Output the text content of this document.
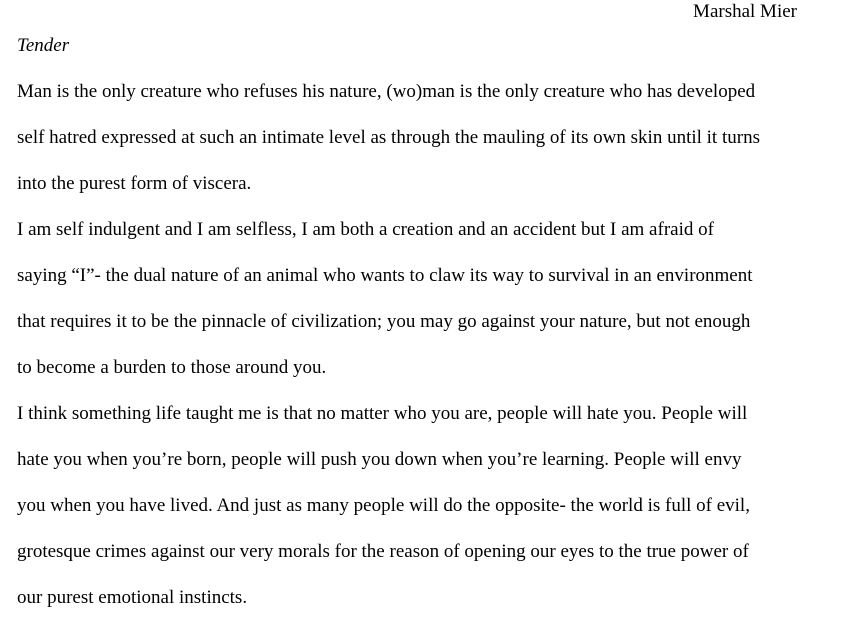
Marshal Mier
Tender
Man is the only creature who refuses his nature, (wo)man is the only creature who has developed
self hatred expressed at such an intimate level as through the mauling of its own skin until it turns
into the purest form of viscera.
I am self indulgent and I am selfless, I am both a creation and an accident but I am afraid of
saying “I”- the dual nature of an animal who wants to claw its way to survival in an environment
that requires it to be the pinnacle of civilization; you may go against your nature, but not enough
to become a burden to those around you.
I think something life taught me is that no matter who you are, people will hate you. People will
hate you when you’re born, people will push you down when you’re learning. People will envy
you when you have lived. And just as many people will do the opposite- the world is full of evil,
grotesque crimes against our very morals for the reason of opening our eyes to the true power of
our purest emotional instincts.
